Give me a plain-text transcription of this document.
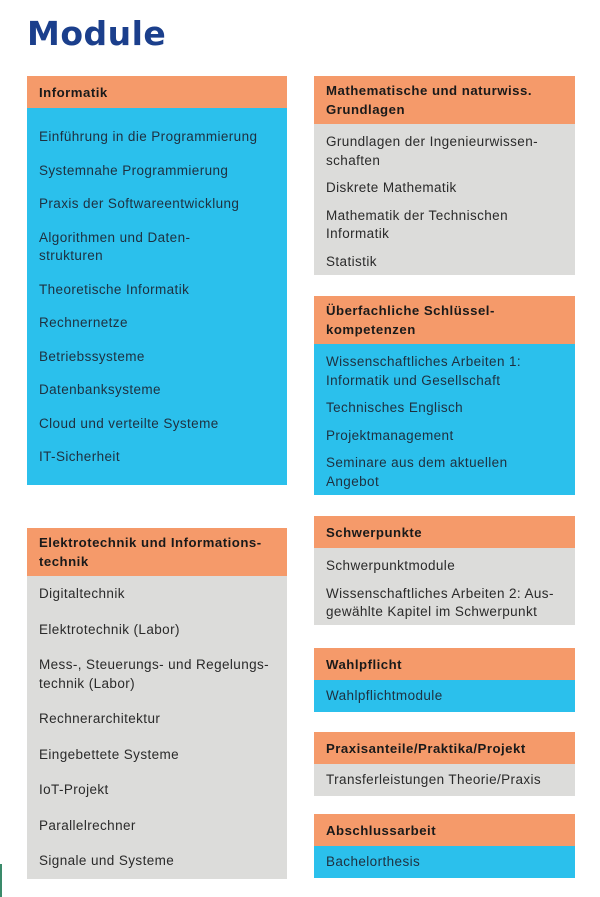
Module
Informatik

Einführung in die Programmierung

Systemnahe Programmierung

Praxis der Softwareentwicklung

Algorithmen und Daten-
strukturen

Theoretische Informatik

Rechnernetze

Betriebssysteme

Datenbanksysteme

Cloud und verteilte Systeme

IT-Sicherheit

Mathematische und naturwiss.
Grundlagen

Grundlagen der Ingenieurwissen-
schaften

Diskrete Mathematik

Mathematik der Technischen
Informatik

Statistik

Überfachliche Schlüssel-
kompetenzen

Wissenschaftliches Arbeiten 1:
Informatik und Gesellschaft

Technisches Englisch

Projektmanagement

Seminare aus dem aktuellen
Angebot

Elektrotechnik und Informations-
technik

Digitaltechnik

Elektrotechnik (Labor)

Mess-, Steuerungs- und Regelungs-
technik (Labor)

Rechnerarchitektur

Eingebettete Systeme

IoT-Projekt

Parallelrechner

Signale und Systeme

Schwerpunkte

Schwerpunktmodule

Wissenschaftliches Arbeiten 2: Aus-
gewählte Kapitel im Schwerpunkt

Wahlpflicht

Wahlpflichtmodule

Praxisanteile/Praktika/Projekt

Transferleistungen Theorie/Praxis

Abschlussarbeit

Bachelorthesis
